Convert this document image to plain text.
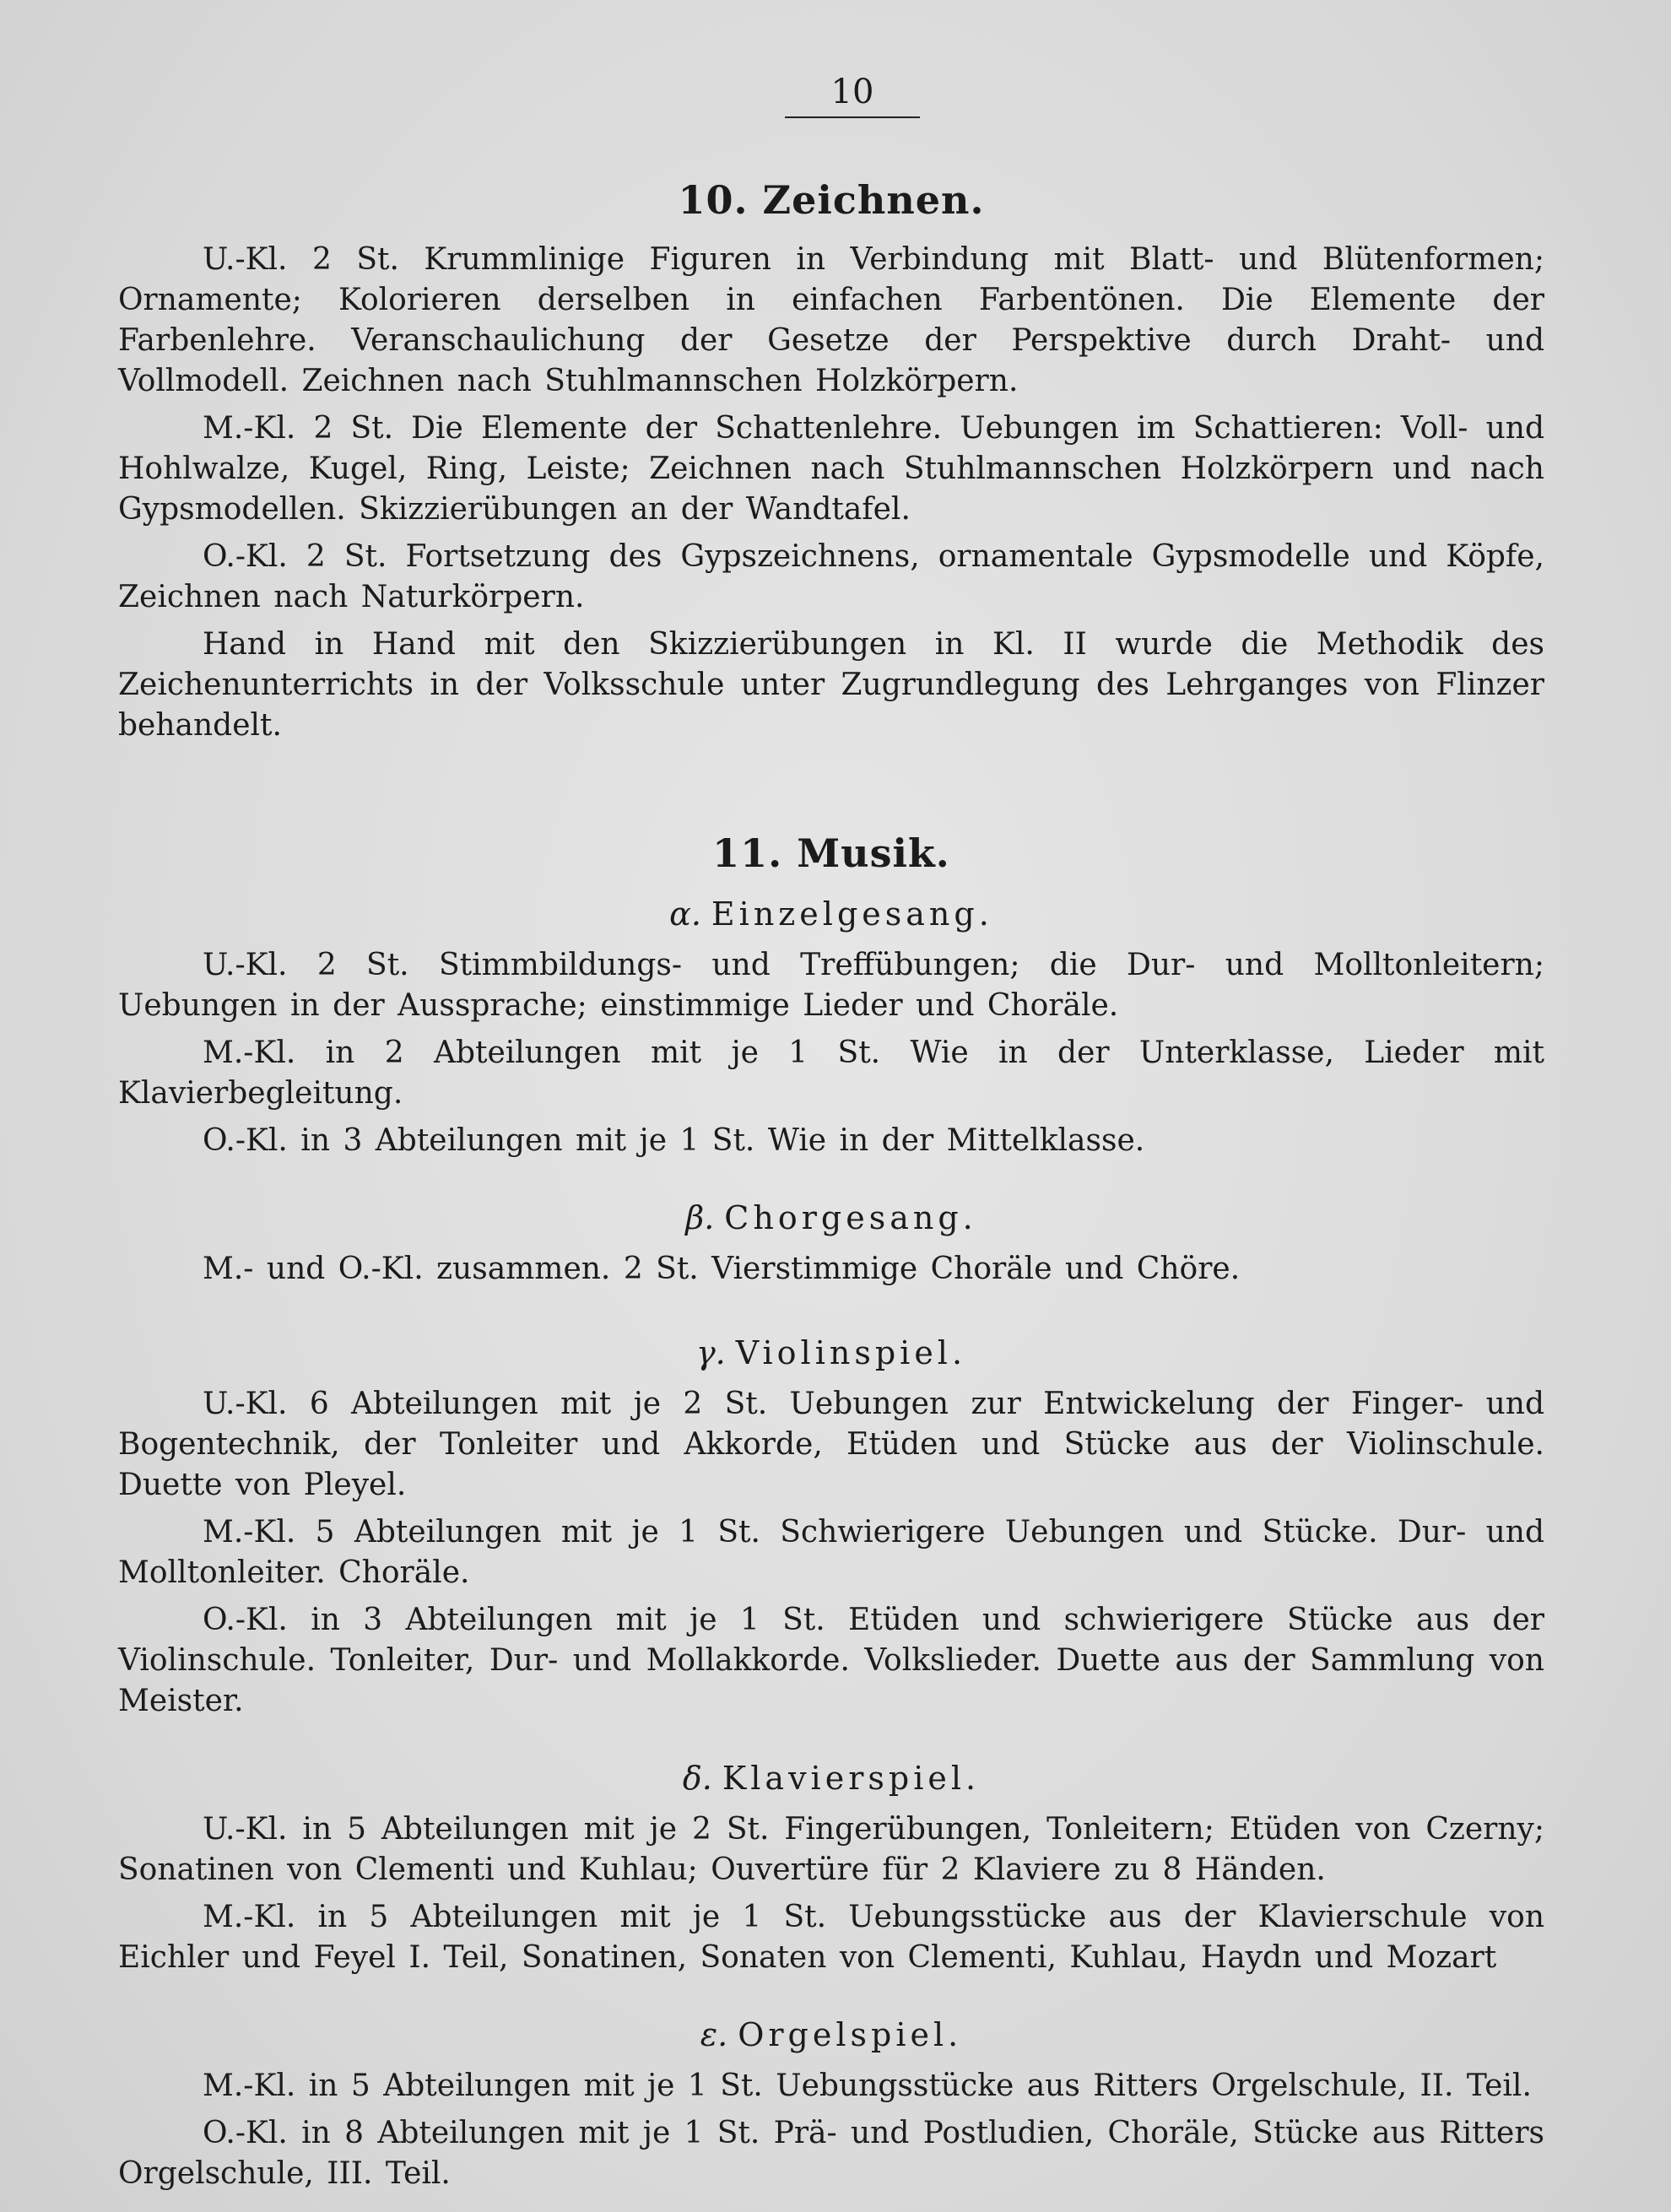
10
10. Zeichnen.

U.-Kl. 2 St. Krummlinige Figuren in Verbindung mit Blatt- und Blütenformen; Ornamente; Kolorieren derselben in einfachen Farbentönen. Die Elemente der Farbenlehre. Veranschaulichung der Gesetze der Perspektive durch Draht- und Vollmodell. Zeichnen nach Stuhlmannschen Holzkörpern.

M.-Kl. 2 St. Die Elemente der Schattenlehre. Uebungen im Schattieren: Voll- und Hohlwalze, Kugel, Ring, Leiste; Zeichnen nach Stuhlmannschen Holzkörpern und nach Gypsmodellen. Skizzierübungen an der Wandtafel.

O.-Kl. 2 St. Fortsetzung des Gypszeichnens, ornamentale Gypsmodelle und Köpfe, Zeichnen nach Naturkörpern.

Hand in Hand mit den Skizzierübungen in Kl. II wurde die Methodik des Zeichenunterrichts in der Volksschule unter Zugrundlegung des Lehrganges von Flinzer behandelt.

11. Musik.
α. Einzelgesang.

U.-Kl. 2 St. Stimmbildungs- und Treffübungen; die Dur- und Molltonleitern; Uebungen in der Aussprache; einstimmige Lieder und Choräle.

M.-Kl. in 2 Abteilungen mit je 1 St. Wie in der Unterklasse, Lieder mit Klavierbegleitung.

O.-Kl. in 3 Abteilungen mit je 1 St. Wie in der Mittelklasse.

β. Chorgesang.

M.- und O.-Kl. zusammen. 2 St. Vierstimmige Choräle und Chöre.

γ. Violinspiel.

U.-Kl. 6 Abteilungen mit je 2 St. Uebungen zur Entwickelung der Finger- und Bogentechnik, der Tonleiter und Akkorde, Etüden und Stücke aus der Violinschule. Duette von Pleyel.

M.-Kl. 5 Abteilungen mit je 1 St. Schwierigere Uebungen und Stücke. Dur- und Molltonleiter. Choräle.

O.-Kl. in 3 Abteilungen mit je 1 St. Etüden und schwierigere Stücke aus der Violinschule. Tonleiter, Dur- und Mollakkorde. Volkslieder. Duette aus der Sammlung von Meister.

δ. Klavierspiel.

U.-Kl. in 5 Abteilungen mit je 2 St. Fingerübungen, Tonleitern; Etüden von Czerny; Sonatinen von Clementi und Kuhlau; Ouvertüre für 2 Klaviere zu 8 Händen.

M.-Kl. in 5 Abteilungen mit je 1 St. Uebungsstücke aus der Klavierschule von Eichler und Feyel I. Teil, Sonatinen, Sonaten von Clementi, Kuhlau, Haydn und Mozart

ε. Orgelspiel.

M.-Kl. in 5 Abteilungen mit je 1 St. Uebungsstücke aus Ritters Orgelschule, II. Teil.

O.-Kl. in 8 Abteilungen mit je 1 St. Prä- und Postludien, Choräle, Stücke aus Ritters Orgelschule, III. Teil.
